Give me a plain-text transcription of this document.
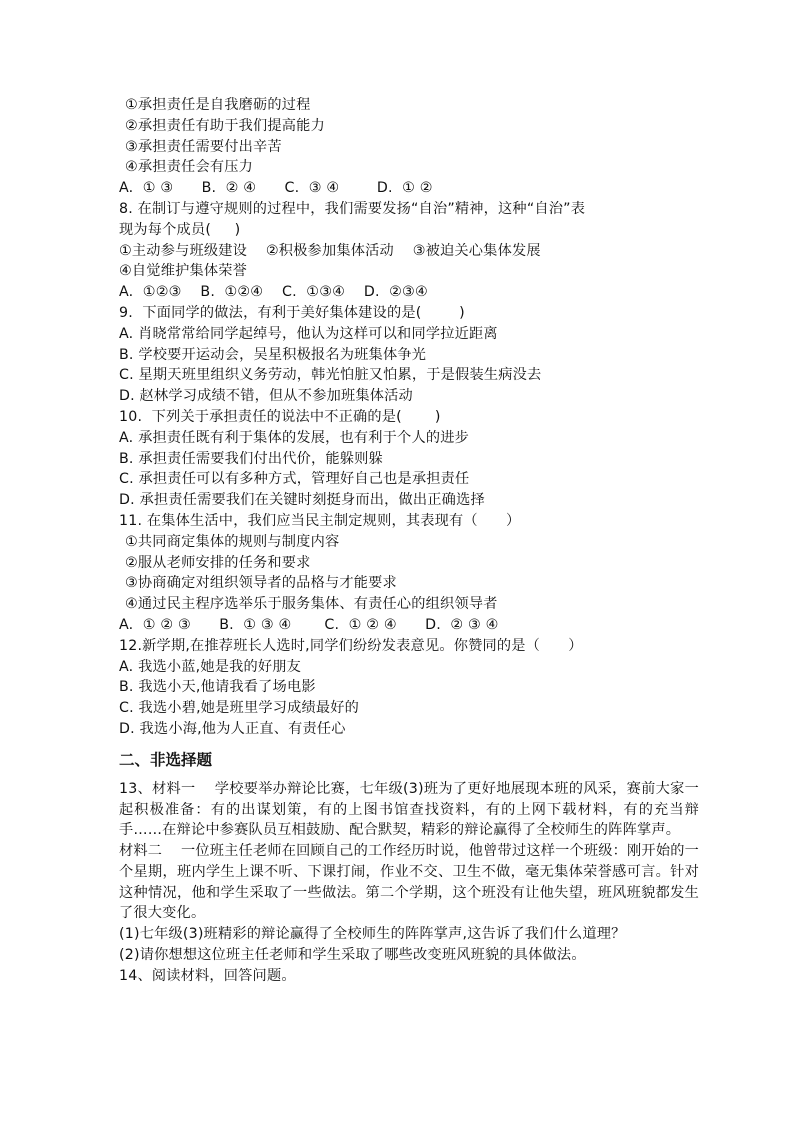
①承担责任是自我磨砺的过程
②承担责任有助于我们提高能力
③承担责任需要付出辛苦
④承担责任会有压力
A.  ① ③      B.  ② ④      C.  ③ ④        D.  ① ②
8. 在制订与遵守规则的过程中，我们需要发扬“自治”精神，这种“自治”表
现为每个成员(     )
①主动参与班级建设    ②积极参加集体活动    ③被迫关心集体发展
④自觉维护集体荣誉
A.  ①②③    B.  ①②④    C.  ①③④    D.  ②③④
9.  下面同学的做法，有利于美好集体建设的是(        )
A. 肖晓常常给同学起绰号，他认为这样可以和同学拉近距离
B. 学校要开运动会，吴星积极报名为班集体争光
C. 星期天班里组织义务劳动，韩光怕脏又怕累，于是假装生病没去
D. 赵林学习成绩不错，但从不参加班集体活动
10.  下列关于承担责任的说法中不正确的是(       )
A. 承担责任既有利于集体的发展，也有利于个人的进步
B. 承担责任需要我们付出代价，能躲则躲
C. 承担责任可以有多种方式，管理好自己也是承担责任
D. 承担责任需要我们在关键时刻挺身而出，做出正确选择
11. 在集体生活中，我们应当民主制定规则，其表现有（      ）
①共同商定集体的规则与制度内容
②服从老师安排的任务和要求
③协商确定对组织领导者的品格与才能要求
④通过民主程序选举乐于服务集体、有责任心的组织领导者
A.  ① ② ③      B.  ① ③ ④       C.  ① ② ④      D.  ② ③ ④
12.新学期,在推荐班长人选时,同学们纷纷发表意见。你赞同的是（      ）
A. 我选小蓝,她是我的好朋友
B. 我选小天,他请我看了场电影
C. 我选小碧,她是班里学习成绩最好的
D. 我选小海,他为人正直、有责任心
二、非选择题
13、材料一    学校要举办辩论比赛，七年级(3)班为了更好地展现本班的风采，赛前大家一起积极准备：有的出谋划策，有的上图书馆查找资料，有的上网下载材料，有的充当辩手……在辩论中参赛队员互相鼓励、配合默契，精彩的辩论赢得了全校师生的阵阵掌声。
材料二    一位班主任老师在回顾自己的工作经历时说，他曾带过这样一个班级：刚开始的一个星期，班内学生上课不听、下课打闹，作业不交、卫生不做，毫无集体荣誉感可言。针对这种情况，他和学生采取了一些做法。第二个学期，这个班没有让他失望，班风班貌都发生了很大变化。
(1)七年级(3)班精彩的辩论赢得了全校师生的阵阵掌声,这告诉了我们什么道理？
(2)请你想想这位班主任老师和学生采取了哪些改变班风班貌的具体做法。
14、阅读材料，回答问题。
